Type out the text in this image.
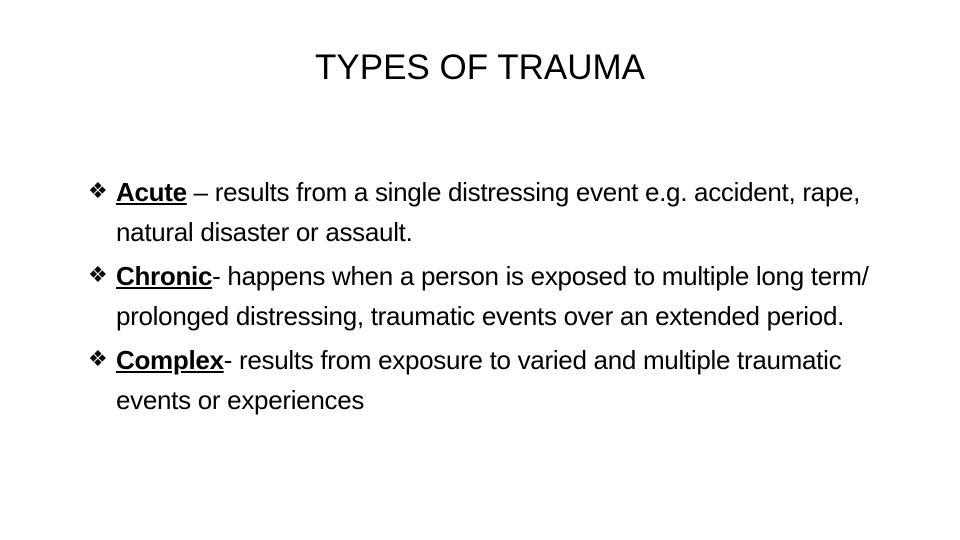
TYPES OF TRAUMA
❖ Acute – results from a single distressing event e.g. accident, rape, natural disaster or assault.
❖ Chronic- happens when a person is exposed to multiple long term/ prolonged distressing, traumatic events over an extended period.
❖ Complex- results from exposure to varied and multiple traumatic events or experiences
